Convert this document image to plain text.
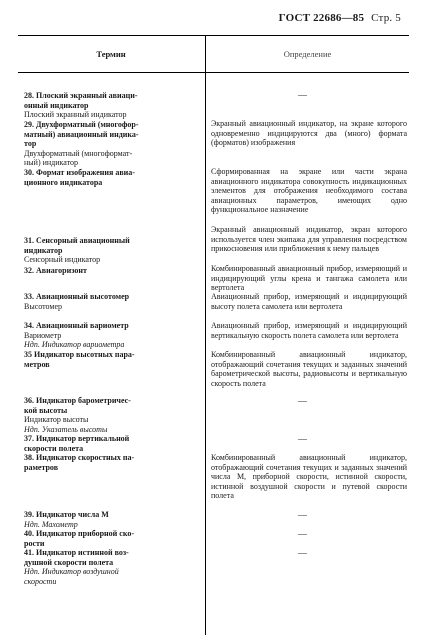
ГОСТ 22686—85 Стр. 5
Термин	Определение
28. Плоский экранный авиаци-
онный индикатор
Плоский экранный индикатор
29. Двухформатный (многофор-
матный) авиационный индика-
тор
Двухформатный (многоформат-
ный) индикатор
30. Формат изображения авиа-
ционного индикатора
31. Сенсорный авиационный
индикатор
Сенсорный индикатор
32. Авиагоризонт
33. Авиационный высотомер
Высотомер
34. Авиационный вариометр
Вариометр
Ндп. Индикатор вариометра
35 Индикатор высотных пара-
метров
36. Индикатор барометричес-
кой высоты
Индикатор высоты
Ндп. Указатель высоты
37. Индикатор вертикальной
скорости полета
38. Индикатор скоростных па-
раметров
39. Индикатор числа М
Ндп. Махометр
40. Индикатор приборной ско-
рости
41. Индикатор истинной воз-
душной скорости полета
Ндп. Индикатор воздушной
скорости
—
Экранный авиационный индикатор, на экране которого одновременно индицируются два (много) формата (форматов) изображения
Сформированная на экране или части экрана авиационного индикатора совокупность индикационных элементов для отображения необходимого состава авиационных параметров, имеющих одно функциональное назначение
Экранный авиационный индикатор, экран которого используется член экипажа для управления посредством прикосновения или приближения к нему пальцев
Комбинированный авиационный прибор, измеряющий и индицирующий углы крена и тангажа самолета или вертолета
Авиационный прибор, измеряющий и индицирующий высоту полета самолета или вертолета
Авиационный прибор, измеряющий и индицирующий вертикальную скорость полета самолета или вертолета
Комбинированный авиационный индикатор, отображающий сочетания текущих и заданных значений барометрической высоты, радиовысоты и вертикальную скорость полета
—
—
Комбинированный авиационный индикатор, отображающий сочетания текущих и заданных значений числа М, приборной скорости, истинной скорости, истинной воздушной скорости и путевой скорости полета
—
—
—
